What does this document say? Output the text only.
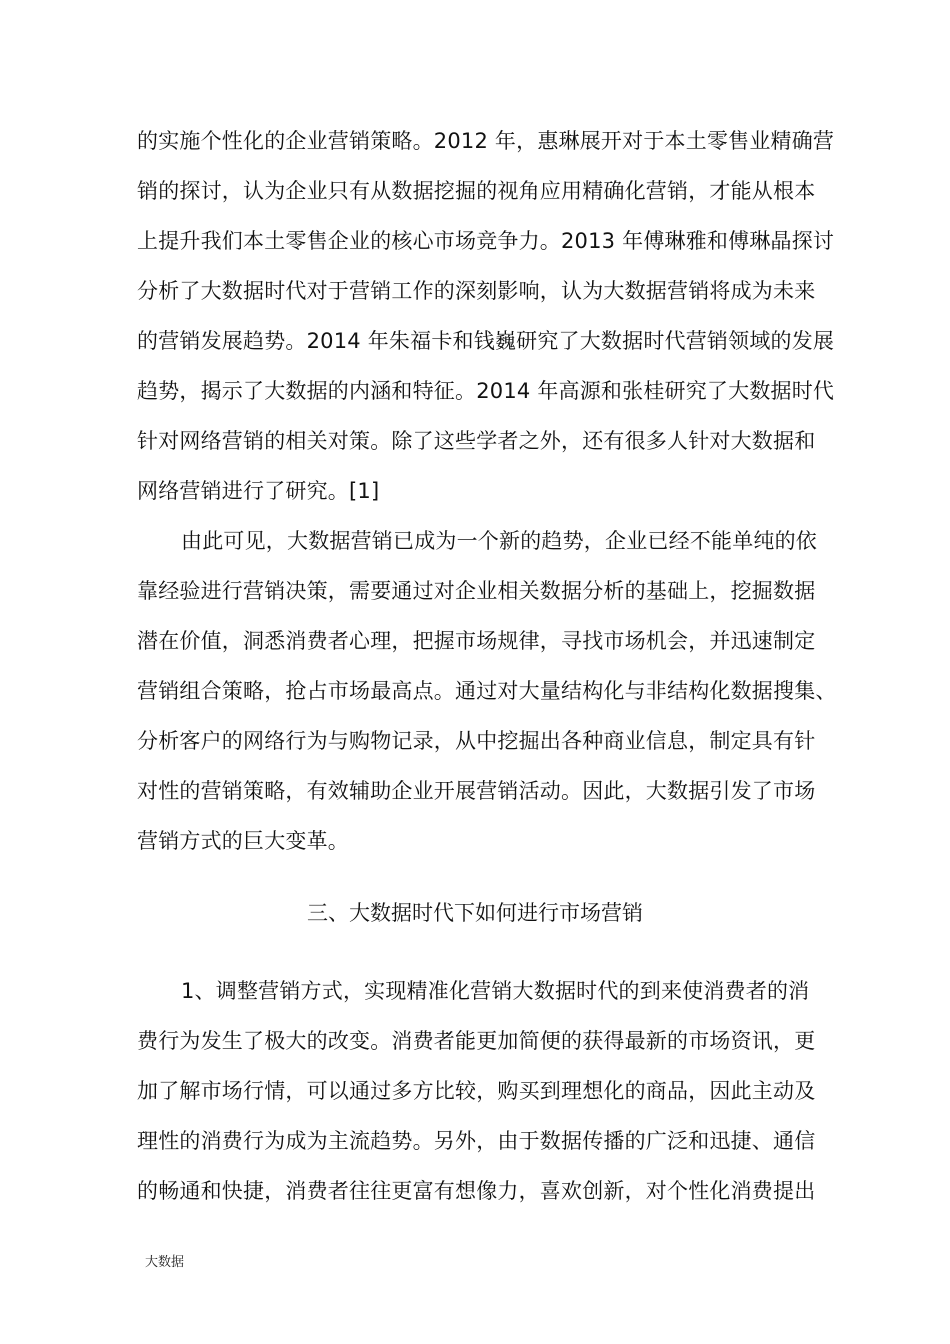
的实施个性化的企业营销策略。2012 年，惠琳展开对于本土零售业精确营
销的探讨，认为企业只有从数据挖掘的视角应用精确化营销，才能从根本
上提升我们本土零售企业的核心市场竞争力。2013 年傅琳雅和傅琳晶探讨
分析了大数据时代对于营销工作的深刻影响，认为大数据营销将成为未来
的营销发展趋势。2014 年朱福卡和钱巍研究了大数据时代营销领域的发展
趋势，揭示了大数据的内涵和特征。2014 年高源和张桂研究了大数据时代
针对网络营销的相关对策。除了这些学者之外，还有很多人针对大数据和
网络营销进行了研究。[1]
由此可见，大数据营销已成为一个新的趋势，企业已经不能单纯的依
靠经验进行营销决策，需要通过对企业相关数据分析的基础上，挖掘数据
潜在价值，洞悉消费者心理，把握市场规律，寻找市场机会，并迅速制定
营销组合策略，抢占市场最高点。通过对大量结构化与非结构化数据搜集、
分析客户的网络行为与购物记录，从中挖掘出各种商业信息，制定具有针
对性的营销策略，有效辅助企业开展营销活动。因此，大数据引发了市场
营销方式的巨大变革。
三、大数据时代下如何进行市场营销
1、调整营销方式，实现精准化营销大数据时代的到来使消费者的消
费行为发生了极大的改变。消费者能更加简便的获得最新的市场资讯，更
加了解市场行情，可以通过多方比较，购买到理想化的商品，因此主动及
理性的消费行为成为主流趋势。另外，由于数据传播的广泛和迅捷、通信
的畅通和快捷，消费者往往更富有想像力，喜欢创新，对个性化消费提出
大数据
